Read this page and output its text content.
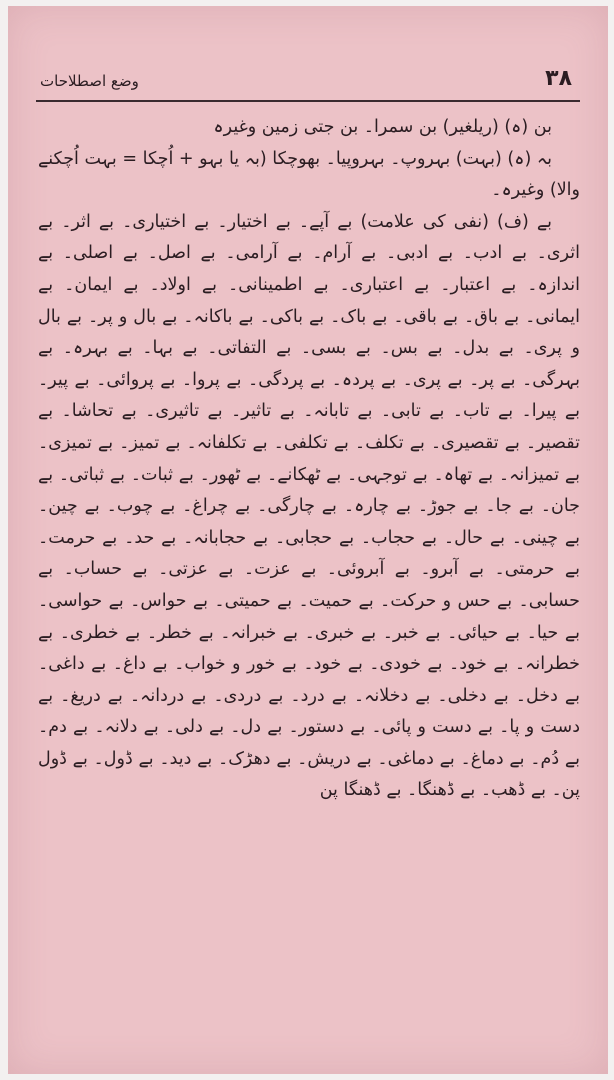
وضع اصطلاحات	۳۸

بن (ہ) (ریلغیر) بن سمرا۔ بن جتی زمین وغیرہ

بہ (ہ) (بہت) بہروپ۔ بہروپیا۔ بھوچکا (بہ یا بہو + اُچکا = بہت اُچکنے والا) وغیرہ۔

بے (ف) (نفی کی علامت) بے آپے۔ بے اختیار۔ بے اختیاری۔ بے اثر۔ بے اثری۔ بے ادب۔ بے ادبی۔ بے آرام۔ بے آرامی۔ بے اصل۔ بے اصلی۔ بے اندازہ۔ بے اعتبار۔ بے اعتباری۔ بے اطمینانی۔ بے اولاد۔ بے ایمان۔ بے ایمانی۔ بے باق۔ بے باقی۔ بے باک۔ بے باکی۔ بے باکانہ۔ بے بال و پر۔ بے بال و پری۔ بے بدل۔ بے بس۔ بے بسی۔ بے التفاتی۔ بے بہا۔ بے بہرہ۔ بے بہرگی۔ بے پر۔ بے پری۔ بے پردہ۔ بے پردگی۔ بے پروا۔ بے پروائی۔ بے پیر۔ بے پیرا۔ بے تاب۔ بے تابی۔ بے تابانہ۔ بے تاثیر۔ بے تاثیری۔ بے تحاشا۔ بے تقصیر۔ بے تقصیری۔ بے تکلف۔ بے تکلفی۔ بے تکلفانہ۔ بے تمیز۔ بے تمیزی۔ بے تمیزانہ۔ بے تھاہ۔ بے توجہی۔ بے ٹھکانے۔ بے ٹھور۔ بے ثبات۔ بے ثباتی۔ بے جان۔ بے جا۔ بے جوڑ۔ بے چارہ۔ بے چارگی۔ بے چراغ۔ بے چوب۔ بے چین۔ بے چینی۔ بے حال۔ بے حجاب۔ بے حجابی۔ بے حجابانہ۔ بے حد۔ بے حرمت۔ بے حرمتی۔ بے آبرو۔ بے آبروئی۔ بے عزت۔ بے عزتی۔ بے حساب۔ بے حسابی۔ بے حس و حرکت۔ بے حمیت۔ بے حمیتی۔ بے حواس۔ بے حواسی۔ بے حیا۔ بے حیائی۔ بے خبر۔ بے خبری۔ بے خبرانہ۔ بے خطر۔ بے خطری۔ بے خطرانہ۔ بے خود۔ بے خودی۔ بے خود۔ بے خور و خواب۔ بے داغ۔ بے داغی۔ بے دخل۔ بے دخلی۔ بے دخلانہ۔ بے درد۔ بے دردی۔ بے دردانہ۔ بے دریغ۔ بے دست و پا۔ بے دست و پائی۔ بے دستور۔ بے دل۔ بے دلی۔ بے دلانہ۔ بے دم۔ بے دُم۔ بے دماغ۔ بے دماغی۔ بے دریش۔ بے دھڑک۔ بے دید۔ بے ڈول۔ بے ڈول پن۔ بے ڈھب۔ بے ڈھنگا۔ بے ڈھنگا پن
